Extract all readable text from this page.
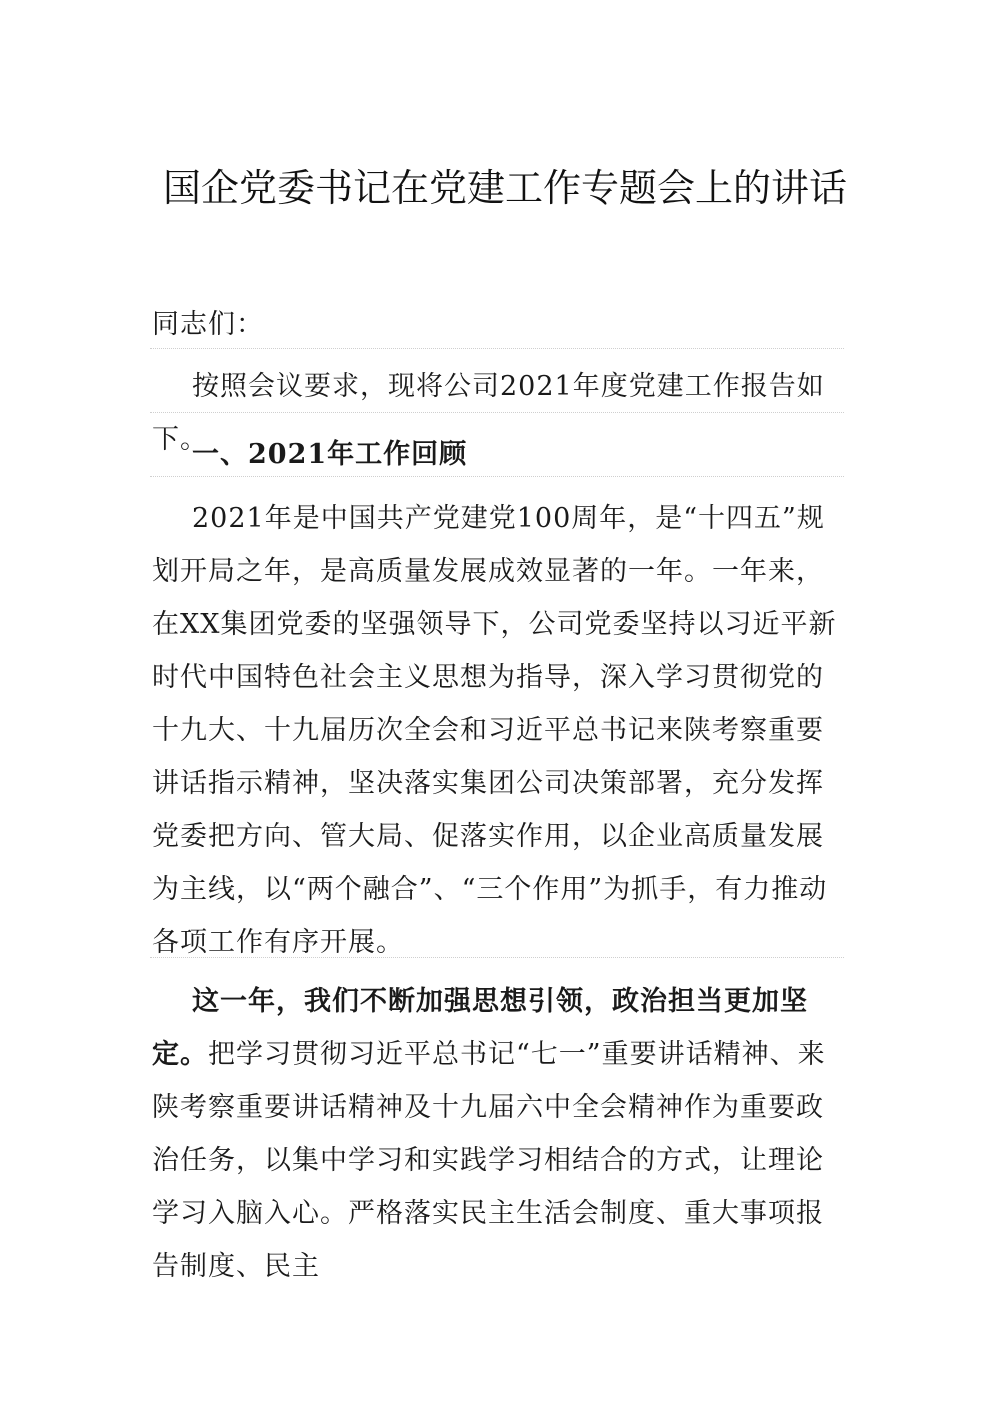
国企党委书记在党建工作专题会上的讲话
同志们：
按照会议要求，现将公司2021年度党建工作报告如下。
一、2021年工作回顾
2021年是中国共产党建党100周年，是“十四五”规划开局之年，是高质量发展成效显著的一年。一年来，在XX集团党委的坚强领导下，公司党委坚持以习近平新时代中国特色社会主义思想为指导，深入学习贯彻党的十九大、十九届历次全会和习近平总书记来陕考察重要讲话指示精神，坚决落实集团公司决策部署，充分发挥党委把方向、管大局、促落实作用，以企业高质量发展为主线，以“两个融合”、“三个作用”为抓手，有力推动各项工作有序开展。
这一年，我们不断加强思想引领，政治担当更加坚定。把学习贯彻习近平总书记“七一”重要讲话精神、来陕考察重要讲话精神及十九届六中全会精神作为重要政治任务，以集中学习和实践学习相结合的方式，让理论学习入脑入心。严格落实民主生活会制度、重大事项报告制度、民主
